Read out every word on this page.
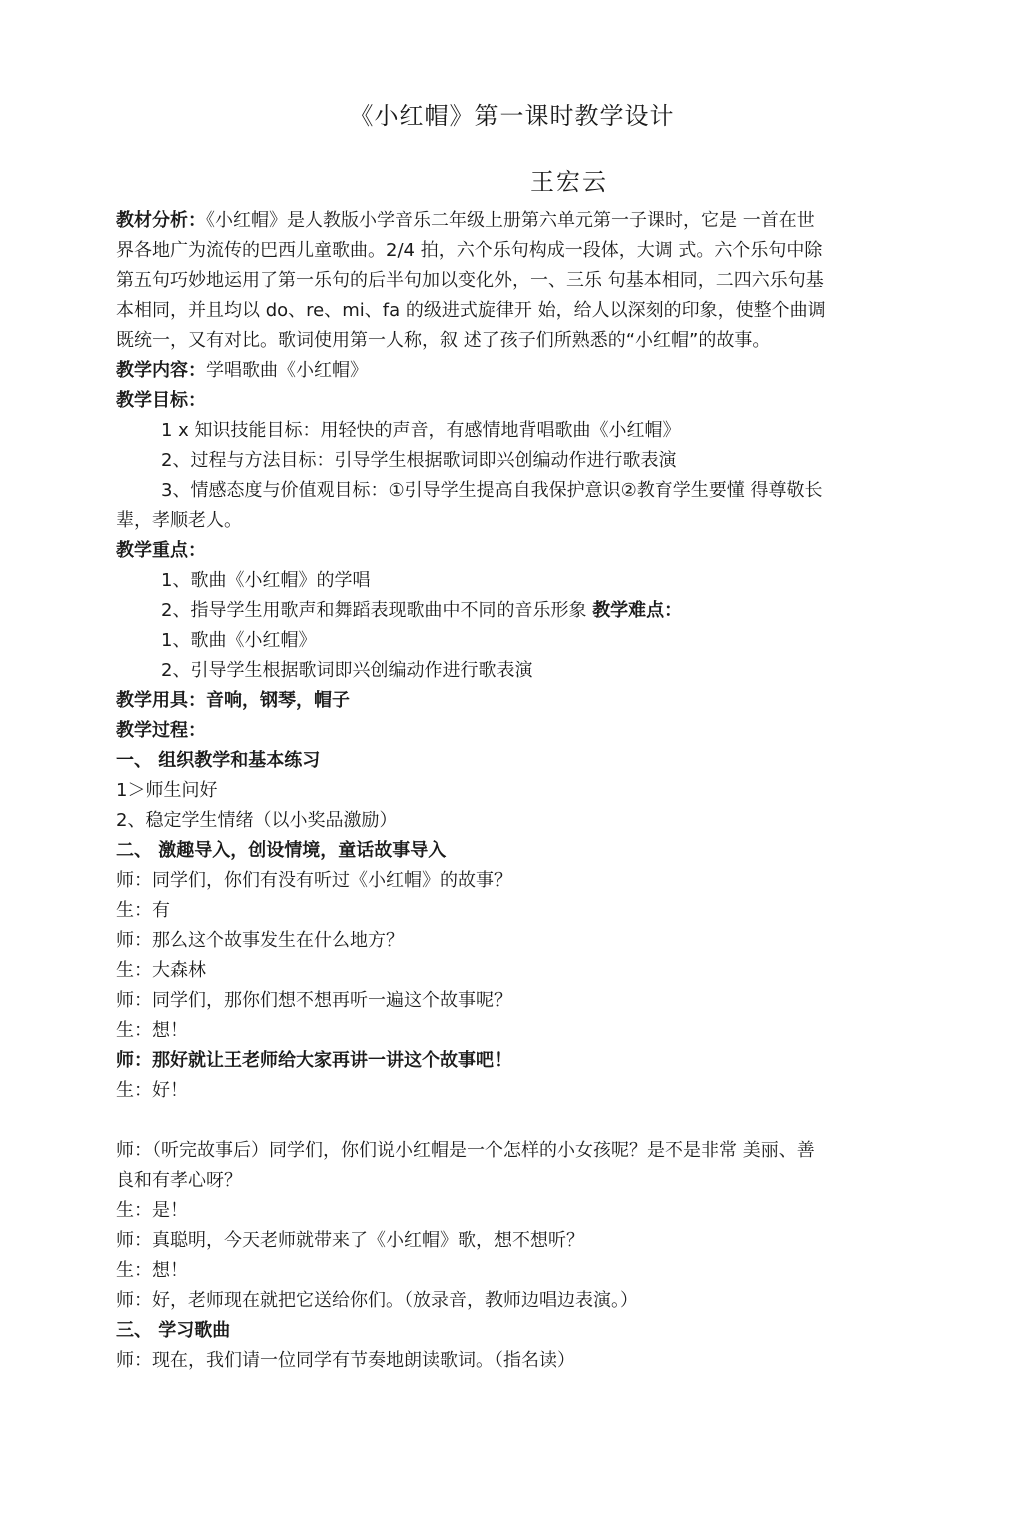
《小红帽》第一课时教学设计
王宏云

教材分析：《小红帽》是人教版小学音乐二年级上册第六单元第一子课时，它是 一首在世

界各地广为流传的巴西儿童歌曲。2/4 拍，六个乐句构成一段体，大调 式。六个乐句中除

第五句巧妙地运用了第一乐句的后半句加以变化外，一、三乐 句基本相同，二四六乐句基

本相同，并且均以 do、re、mi、fa 的级进式旋律开 始，给人以深刻的印象，使整个曲调

既统一，又有对比。歌词使用第一人称，叙 述了孩子们所熟悉的“小红帽”的故事。

教学内容：学唱歌曲《小红帽》

教学目标：

1 x 知识技能目标：用轻快的声音，有感情地背唱歌曲《小红帽》

2、过程与方法目标：引导学生根据歌词即兴创编动作进行歌表演

3、情感态度与价值观目标：①引导学生提高自我保护意识②教育学生要懂 得尊敬长

辈，孝顺老人。

教学重点：

1、歌曲《小红帽》的学唱

2、指导学生用歌声和舞蹈表现歌曲中不同的音乐形象 教学难点：

1、歌曲《小红帽》

2、引导学生根据歌词即兴创编动作进行歌表演

教学用具：音响，钢琴，帽子

教学过程：

一、 组织教学和基本练习

1＞师生问好

2、稳定学生情绪（以小奖品激励）

二、 激趣导入，创设情境，童话故事导入

师：同学们，你们有没有听过《小红帽》的故事？

生：有

师：那么这个故事发生在什么地方？

生：大森林

师：同学们，那你们想不想再听一遍这个故事呢？

生：想！

师：那好就让王老师给大家再讲一讲这个故事吧！

生：好！

师：（听完故事后）同学们，你们说小红帽是一个怎样的小女孩呢？是不是非常 美丽、善

良和有孝心呀？

生：是！

师：真聪明，今天老师就带来了《小红帽》歌，想不想听？

生：想！

师：好，老师现在就把它送给你们。（放录音，教师边唱边表演。）

三、 学习歌曲

师：现在，我们请一位同学有节奏地朗读歌词。（指名读）
